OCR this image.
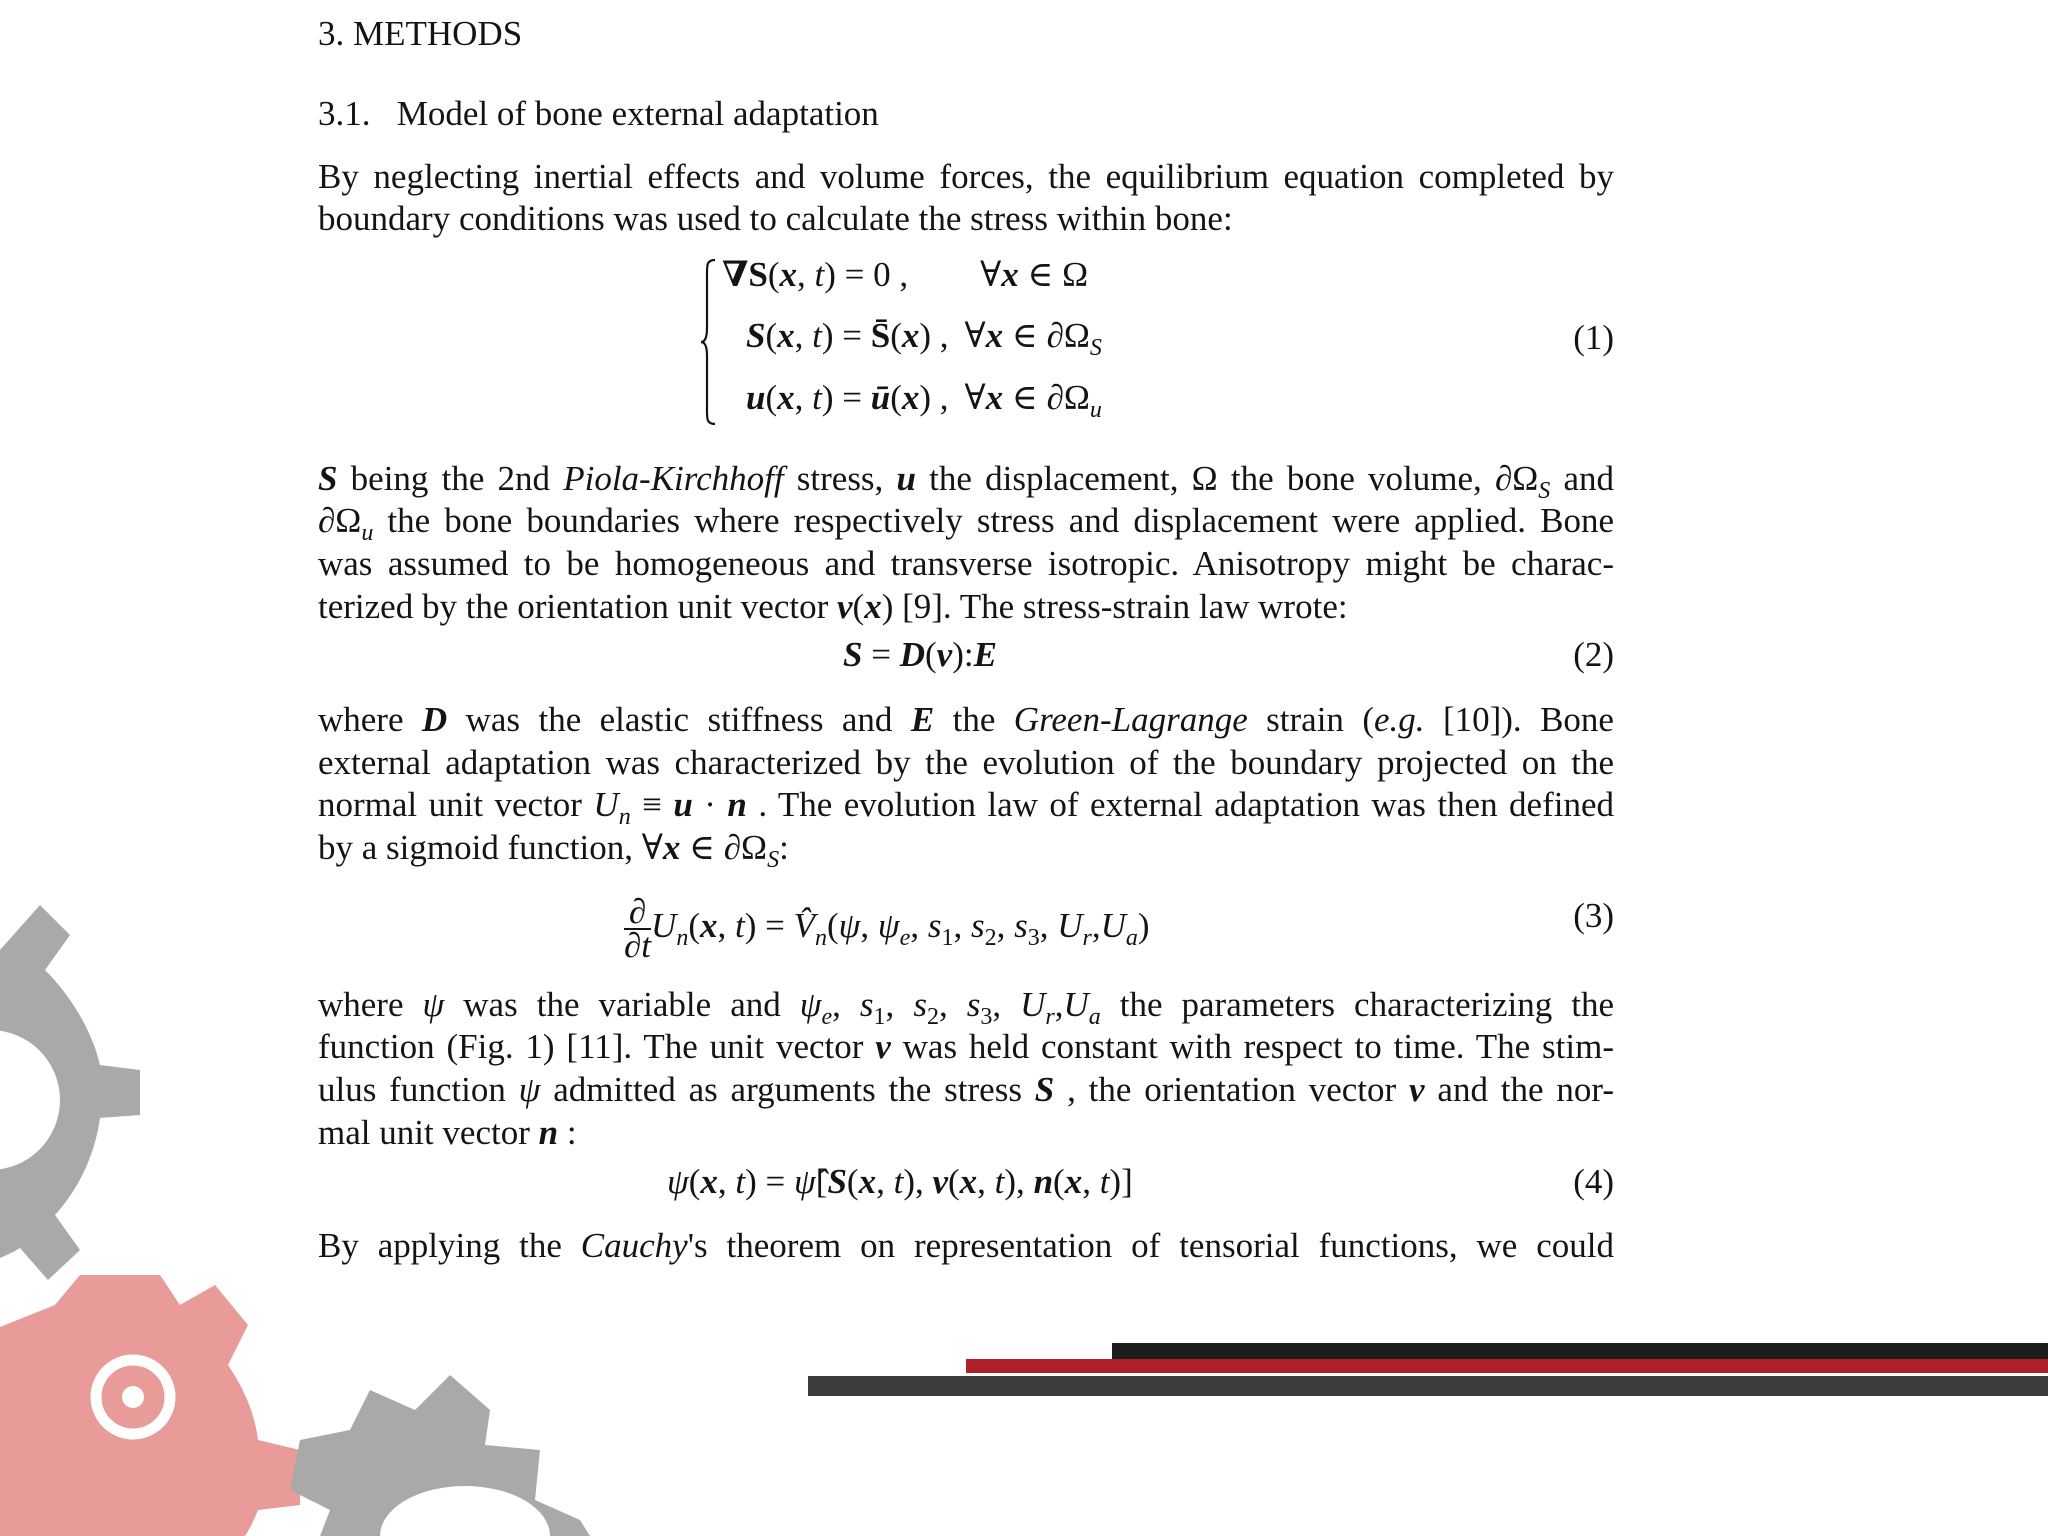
3. METHODS
3.1.   Model of bone external adaptation
By neglecting inertial effects and volume forces, the equilibrium equation completed by
boundary conditions was used to calculate the stress within bone:
∇S(x, t) = 0 , ∀x ∈ Ω
S(x, t) = S̄(x) , ∀x ∈ $\partial\Omega_S$
u(x, t) = ū(x) , ∀x ∈ $\partial\Omega_u$
(1)
S being the 2nd Piola-Kirchhoff stress, u the displacement, Ω the bone volume, $\partial\Omega_S$ and
$\partial\Omega_u$ the bone boundaries where respectively stress and displacement were applied. Bone
was assumed to be homogeneous and transverse isotropic. Anisotropy might be charac-
terized by the orientation unit vector v(x) [9]. The stress-strain law wrote:
S = D(v):E	(2)
where D was the elastic stiffness and E the Green-Lagrange strain (e.g. [10]). Bone
external adaptation was characterized by the evolution of the boundary projected on the
normal unit vector $U_n \equiv u \cdot n$ . The evolution law of external adaptation was then defined
by a sigmoid function, ∀x ∈ $\partial\Omega_S$:
∂
∂t
$U_n(x$, $t) = V̂_n(\psi$, $\psi_e$, $s_1$, $s_2$, $s_3$, $U_r,U_a$)	(3)
where ψ was the variable and $\psi_e$, $s_1$, $s_2$, $s_3$, $U_r,U_a$ the parameters characterizing the
function (Fig. 1) [11]. The unit vector v was held constant with respect to time. The stim-
ulus function ψ admitted as arguments the stress S , the orientation vector v and the nor-
mal unit vector n :
ψ(x, t) = ψ̂[S(x, t), v(x, t), n(x, t)]	(4)
By applying the Cauchy's theorem on representation of tensorial functions, we could
